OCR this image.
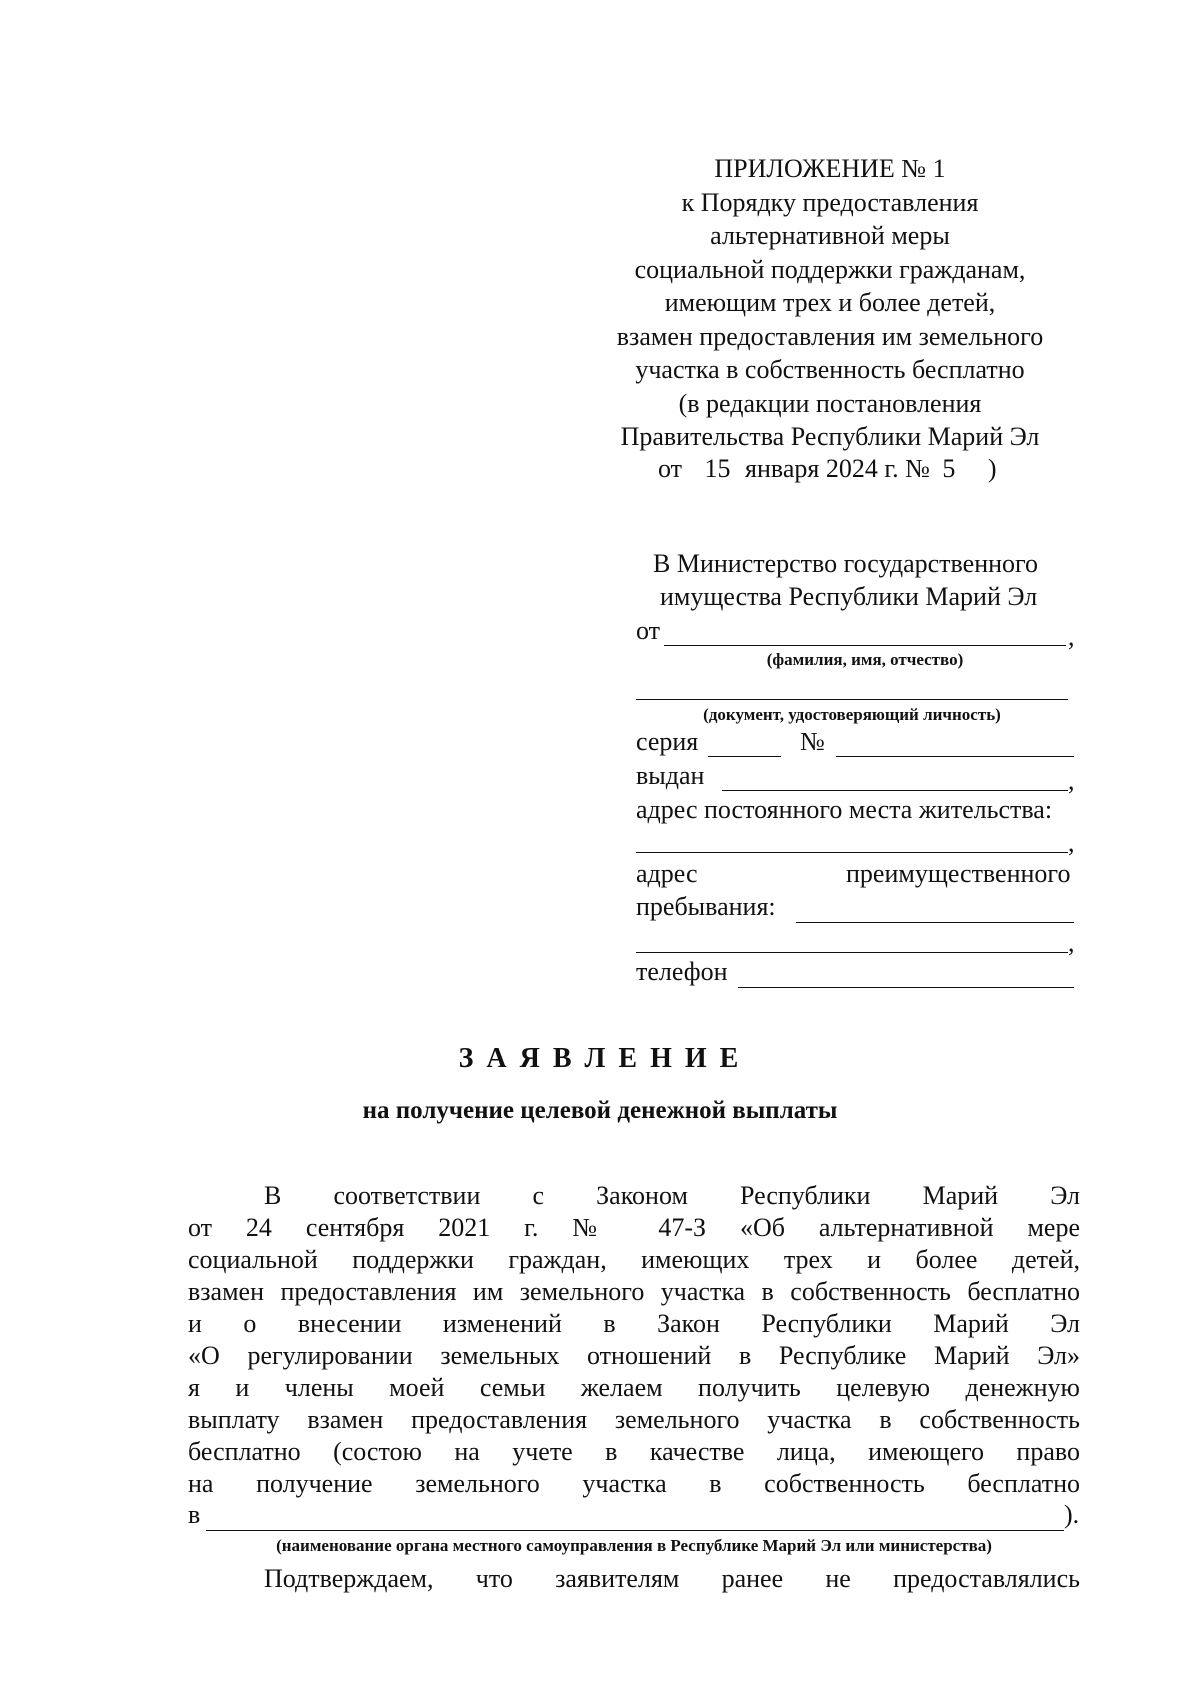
ПРИЛОЖЕНИЕ № 1
к Порядку предоставления
альтернативной меры
социальной поддержки гражданам,
имеющим трех и более детей,
взамен предоставления им земельного
участка в собственность бесплатно
(в редакции постановления
Правительства Республики Марий Эл
от 15 января 2024 г. № 5 )
В Министерство государственного
имущества Республики Марий Эл
от	,
(фамилия, имя, отчество)
(документ, удостоверяющий личность)
серия	№
выдан	,
адрес постоянного места жительства:
,
адрес	преимущественного
пребывания:
,
телефон
З А Я В Л Е Н И Е
на получение целевой денежной выплаты
В соответствии с Законом Республики Марий Эл
от 24 сентября 2021 г. № 47-З «Об альтернативной мере
социальной поддержки граждан, имеющих трех и более детей,
взамен предоставления им земельного участка в собственность бесплатно
и о внесении изменений в Закон Республики Марий Эл
«О регулировании земельных отношений в Республике Марий Эл»
я и члены моей семьи желаем получить целевую денежную
выплату взамен предоставления земельного участка в собственность
бесплатно (состою на учете в качестве лица, имеющего право
на получение земельного участка в собственность бесплатно
в	).
(наименование органа местного самоуправления в Республике Марий Эл или министерства)
Подтверждаем, что заявителям ранее не предоставлялись
